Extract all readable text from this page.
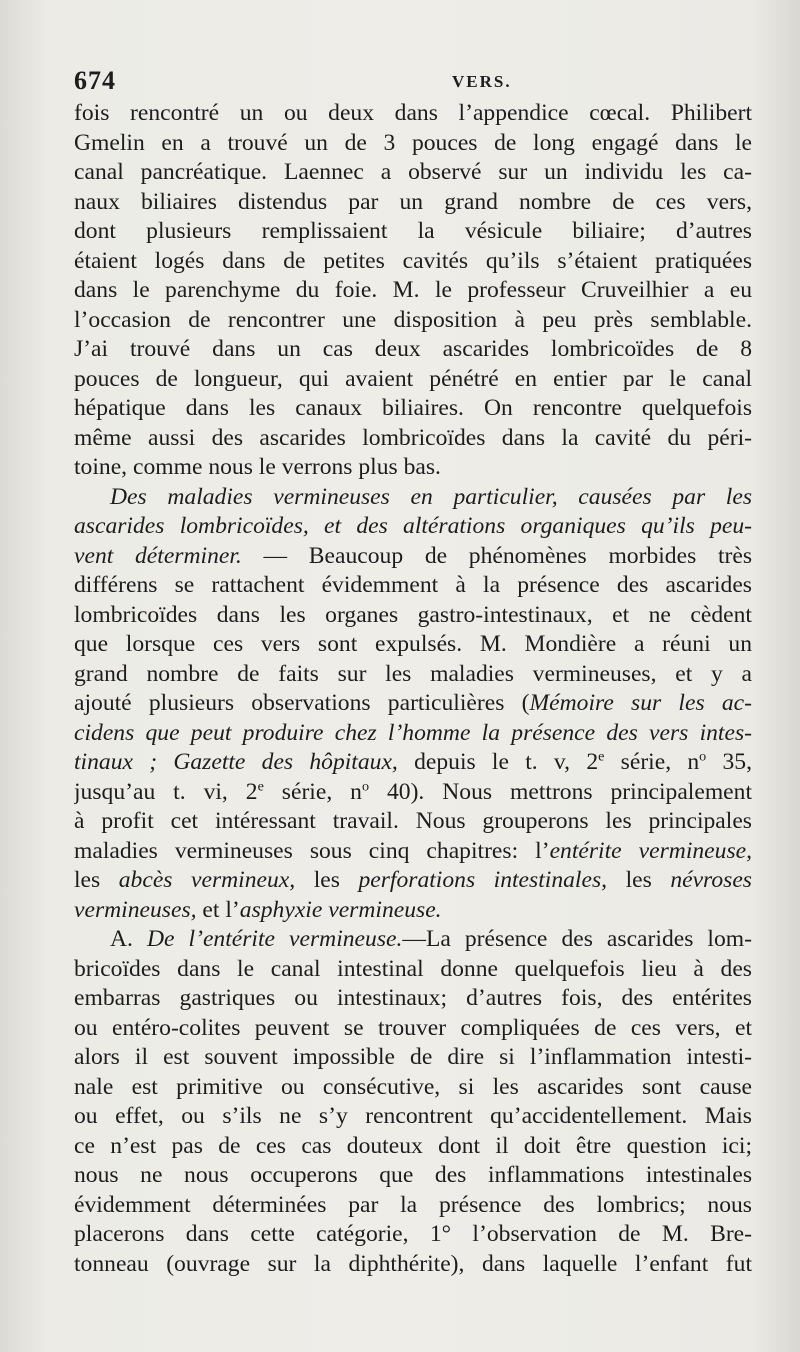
674	VERS.
fois rencontré un ou deux dans l’appendice cœcal. Philibert
Gmelin en a trouvé un de 3 pouces de long engagé dans le
canal pancréatique. Laennec a observé sur un individu les ca-
naux biliaires distendus par un grand nombre de ces vers,
dont plusieurs remplissaient la vésicule biliaire; d’autres
étaient logés dans de petites cavités qu’ils s’étaient pratiquées
dans le parenchyme du foie. M. le professeur Cruveilhier a eu
l’occasion de rencontrer une disposition à peu près semblable.
J’ai trouvé dans un cas deux ascarides lombricoïdes de 8
pouces de longueur, qui avaient pénétré en entier par le canal
hépatique dans les canaux biliaires. On rencontre quelquefois
même aussi des ascarides lombricoïdes dans la cavité du péri-
toine, comme nous le verrons plus bas.
Des maladies vermineuses en particulier, causées par les
ascarides lombricoïdes, et des altérations organiques qu’ils peu-
vent déterminer. — Beaucoup de phénomènes morbides très
différens se rattachent évidemment à la présence des ascarides
lombricoïdes dans les organes gastro-intestinaux, et ne cèdent
que lorsque ces vers sont expulsés. M. Mondière a réuni un
grand nombre de faits sur les maladies vermineuses, et y a
ajouté plusieurs observations particulières (Mémoire sur les ac-
cidens que peut produire chez l’homme la présence des vers intes-
tinaux ; Gazette des hôpitaux, depuis le t. v, 2e série, $n^o$ 35,
jusqu’au t. vi, 2e série, $n^o$ 40). Nous mettrons principalement
à profit cet intéressant travail. Nous grouperons les principales
maladies vermineuses sous cinq chapitres: l’entérite vermineuse,
les abcès vermineux, les perforations intestinales, les névroses
vermineuses, et l’asphyxie vermineuse.
A. De l’entérite vermineuse.—La présence des ascarides lom-
bricoïdes dans le canal intestinal donne quelquefois lieu à des
embarras gastriques ou intestinaux; d’autres fois, des entérites
ou entéro-colites peuvent se trouver compliquées de ces vers, et
alors il est souvent impossible de dire si l’inflammation intesti-
nale est primitive ou consécutive, si les ascarides sont cause
ou effet, ou s’ils ne s’y rencontrent qu’accidentellement. Mais
ce n’est pas de ces cas douteux dont il doit être question ici;
nous ne nous occuperons que des inflammations intestinales
évidemment déterminées par la présence des lombrics; nous
placerons dans cette catégorie, 1° l’observation de M. Bre-
tonneau (ouvrage sur la diphthérite), dans laquelle l’enfant fut
